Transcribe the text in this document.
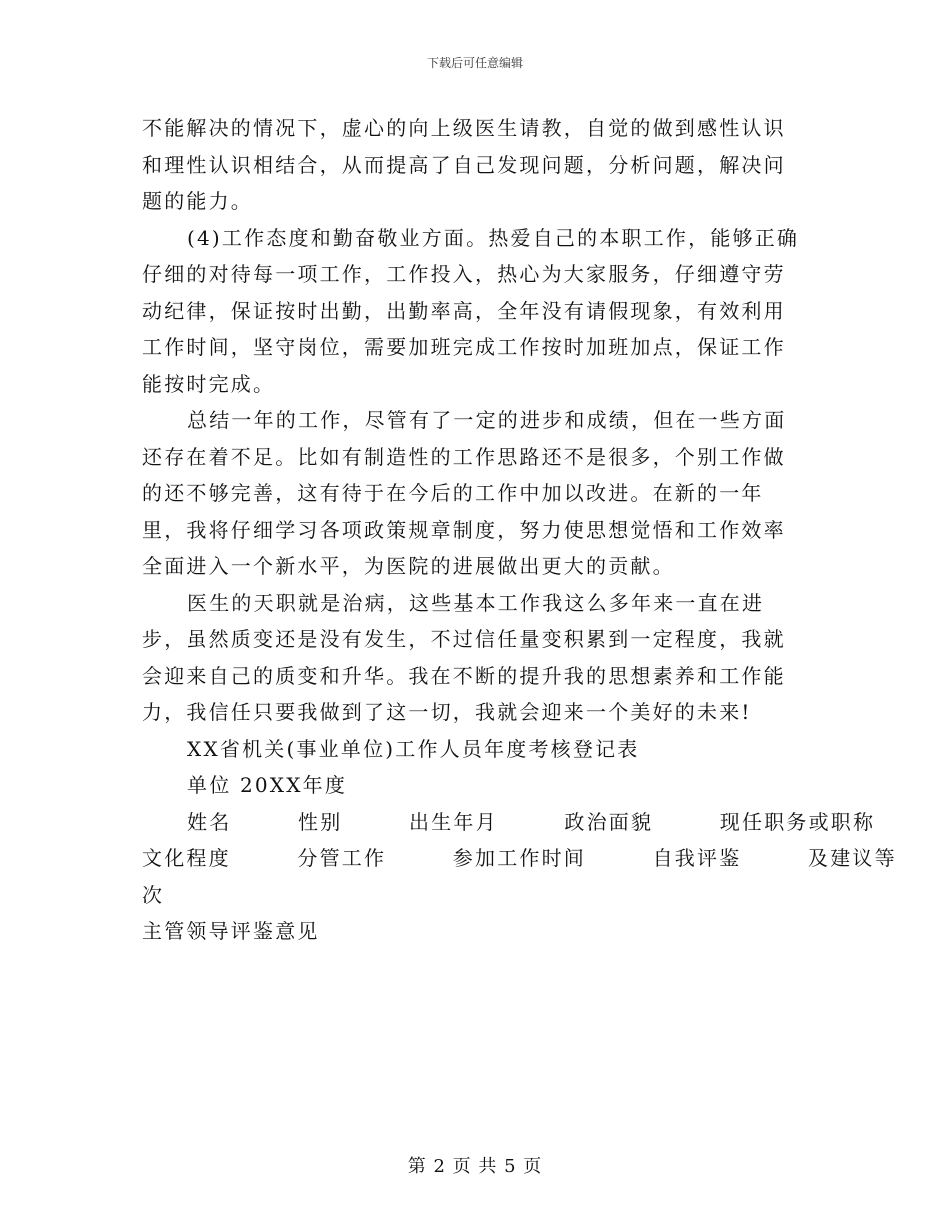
下载后可任意编辑

不能解决的情况下，虚心的向上级医生请教，自觉的做到感性认识和理性认识相结合，从而提高了自己发现问题，分析问题，解决问题的能力。

(4)工作态度和勤奋敬业方面。热爱自己的本职工作，能够正确仔细的对待每一项工作，工作投入，热心为大家服务，仔细遵守劳动纪律，保证按时出勤，出勤率高，全年没有请假现象，有效利用工作时间，坚守岗位，需要加班完成工作按时加班加点，保证工作能按时完成。

总结一年的工作，尽管有了一定的进步和成绩，但在一些方面还存在着不足。比如有制造性的工作思路还不是很多，个别工作做的还不够完善，这有待于在今后的工作中加以改进。在新的一年里，我将仔细学习各项政策规章制度，努力使思想觉悟和工作效率全面进入一个新水平，为医院的进展做出更大的贡献。

医生的天职就是治病，这些基本工作我这么多年来一直在进步，虽然质变还是没有发生，不过信任量变积累到一定程度，我就会迎来自己的质变和升华。我在不断的提升我的思想素养和工作能力，我信任只要我做到了这一切，我就会迎来一个美好的未来!

XX省机关(事业单位)工作人员年度考核登记表

单位 20XX年度

姓名　　　性别　　　出生年月　　　政治面貌　　　现任职务或职称

文化程度　　　分管工作　　　参加工作时间　　　自我评鉴　　　及建议等

次

主管领导评鉴意见

第 2 页 共 5 页
